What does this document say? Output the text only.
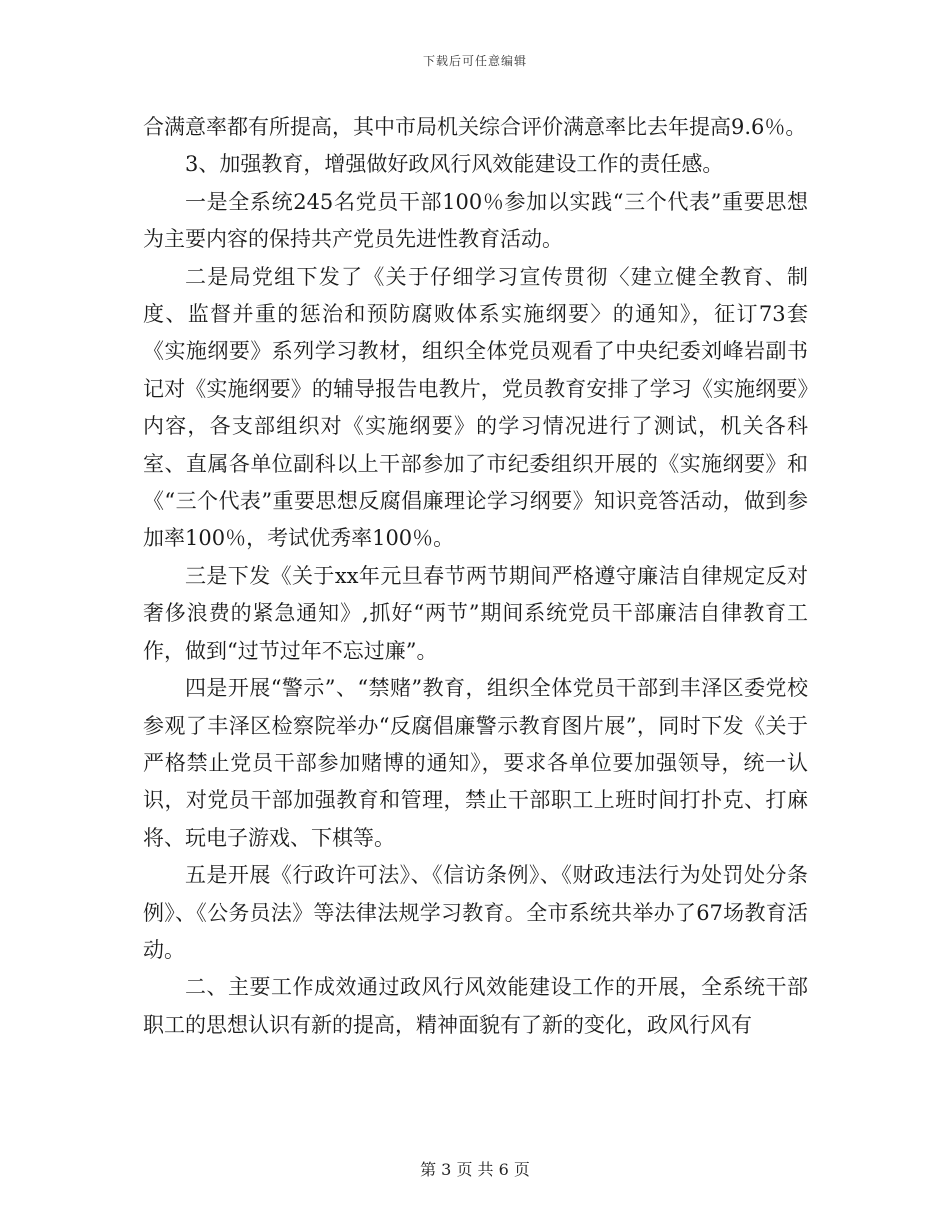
下载后可任意编辑

合满意率都有所提高，其中市局机关综合评价满意率比去年提高9.6％。

3、加强教育，增强做好政风行风效能建设工作的责任感。

一是全系统245名党员干部100％参加以实践“三个代表”重要思想为主要内容的保持共产党员先进性教育活动。

二是局党组下发了《关于仔细学习宣传贯彻〈建立健全教育、制度、监督并重的惩治和预防腐败体系实施纲要〉的通知》，征订73套《实施纲要》系列学习教材，组织全体党员观看了中央纪委刘峰岩副书记对《实施纲要》的辅导报告电教片，党员教育安排了学习《实施纲要》内容，各支部组织对《实施纲要》的学习情况进行了测试，机关各科室、直属各单位副科以上干部参加了市纪委组织开展的《实施纲要》和《“三个代表”重要思想反腐倡廉理论学习纲要》知识竞答活动，做到参加率100％，考试优秀率100％。

三是下发《关于xx年元旦春节两节期间严格遵守廉洁自律规定反对奢侈浪费的紧急通知》,抓好“两节”期间系统党员干部廉洁自律教育工作，做到“过节过年不忘过廉”。

四是开展“警示”、“禁赌”教育，组织全体党员干部到丰泽区委党校参观了丰泽区检察院举办“反腐倡廉警示教育图片展”，同时下发《关于严格禁止党员干部参加赌博的通知》，要求各单位要加强领导，统一认识，对党员干部加强教育和管理，禁止干部职工上班时间打扑克、打麻将、玩电子游戏、下棋等。

五是开展《行政许可法》、《信访条例》、《财政违法行为处罚处分条例》、《公务员法》等法律法规学习教育。全市系统共举办了67场教育活动。

二、主要工作成效通过政风行风效能建设工作的开展，全系统干部职工的思想认识有新的提高，精神面貌有了新的变化，政风行风有

第 3 页 共 6 页
